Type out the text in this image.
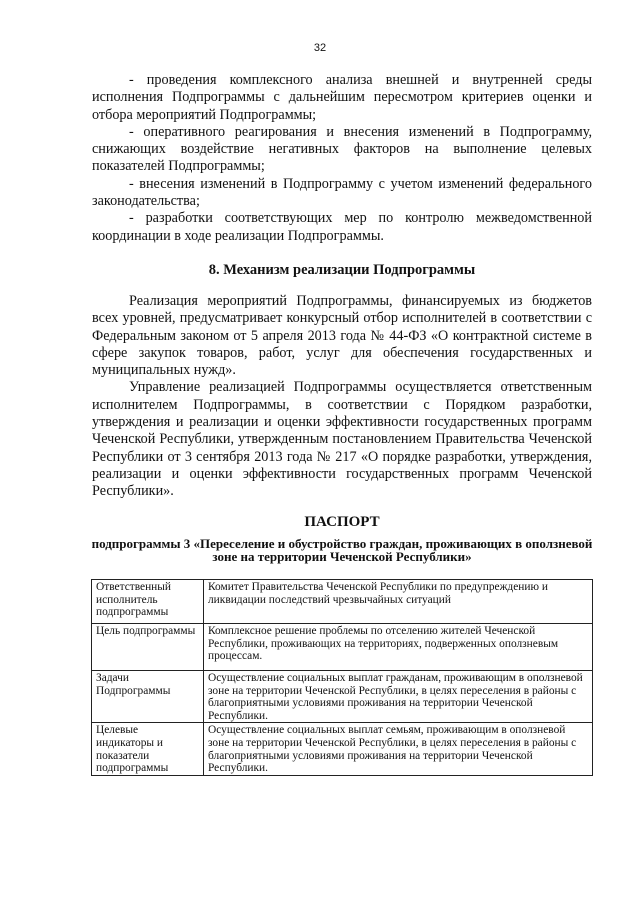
32

- проведения комплексного анализа внешней и внутренней среды исполнения Подпрограммы с дальнейшим пересмотром критериев оценки и отбора мероприятий Подпрограммы;

- оперативного реагирования и внесения изменений в Подпрограмму, снижающих воздействие негативных факторов на выполнение целевых показателей Подпрограммы;

- внесения изменений в Подпрограмму с учетом изменений федерального законодательства;

- разработки соответствующих мер по контролю межведомственной координации в ходе реализации Подпрограммы.

8. Механизм реализации Подпрограммы

Реализация мероприятий Подпрограммы, финансируемых из бюджетов всех уровней, предусматривает конкурсный отбор исполнителей в соответствии с Федеральным законом от 5 апреля 2013 года № 44-ФЗ «О контрактной системе в сфере закупок товаров, работ, услуг для обеспечения государственных и муниципальных нужд».

Управление реализацией Подпрограммы осуществляется ответственным исполнителем Подпрограммы, в соответствии с Порядком разработки, утверждения и реализации и оценки эффективности государственных программ Чеченской Республики, утвержденным постановлением Правительства Чеченской Республики от 3 сентября 2013 года № 217 «О порядке разработки, утверждения, реализации и оценки эффективности государственных программ Чеченской Республики».

ПАСПОРТ
подпрограммы 3 «Переселение и обустройство граждан, проживающих в оползневой зоне на территории Чеченской Республики»
Ответственный исполнитель подпрограммы	Комитет Правительства Чеченской Республики по предупреждению и ликвидации последствий чрезвычайных ситуаций
Цель подпрограммы	Комплексное решение проблемы по отселению жителей Чеченской Республики, проживающих на территориях, подверженных оползневым процессам.
Задачи Подпрограммы	Осуществление социальных выплат гражданам, проживающим в оползневой зоне на территории Чеченской Республики, в целях переселения в районы с благоприятными условиями проживания на территории Чеченской Республики.
Целевые индикаторы и показатели подпрограммы	Осуществление социальных выплат семьям, проживающим в оползневой зоне на территории Чеченской Республики, в целях переселения в районы с благоприятными условиями проживания на территории Чеченской Республики.
